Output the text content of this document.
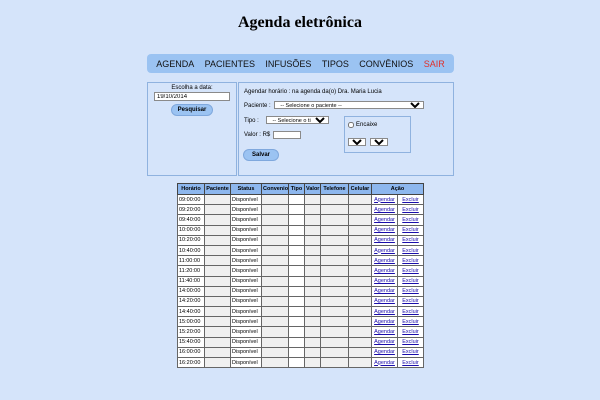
Agenda eletrônica
AGENDA PACIENTES INFUSÕES TIPOS CONVÊNIOS SAIR
Escolha a data:
19/10/2014
Pesquisar
Agendar horário : na agenda da(o) Dra. Maria Lucia
Paciente :
-- Selecione o paciente --
Tipo :
-- Selecione o tipo --
Valor : R$
Encaixe
08
00
Salvar
Horário	Paciente	Status	Convenio	Tipo	Valor	Telefone	Celular	Ação	
09:00:00		Disponível						Agendar	Excluir
09:20:00		Disponível						Agendar	Excluir
09:40:00		Disponível						Agendar	Excluir
10:00:00		Disponível						Agendar	Excluir
10:20:00		Disponível						Agendar	Excluir
10:40:00		Disponível						Agendar	Excluir
11:00:00		Disponível						Agendar	Excluir
11:20:00		Disponível						Agendar	Excluir
11:40:00		Disponível						Agendar	Excluir
14:00:00		Disponível						Agendar	Excluir
14:20:00		Disponível						Agendar	Excluir
14:40:00		Disponível						Agendar	Excluir
15:00:00		Disponível						Agendar	Excluir
15:20:00		Disponível						Agendar	Excluir
15:40:00		Disponível						Agendar	Excluir
16:00:00		Disponível						Agendar	Excluir
16:20:00		Disponível						Agendar	Excluir
